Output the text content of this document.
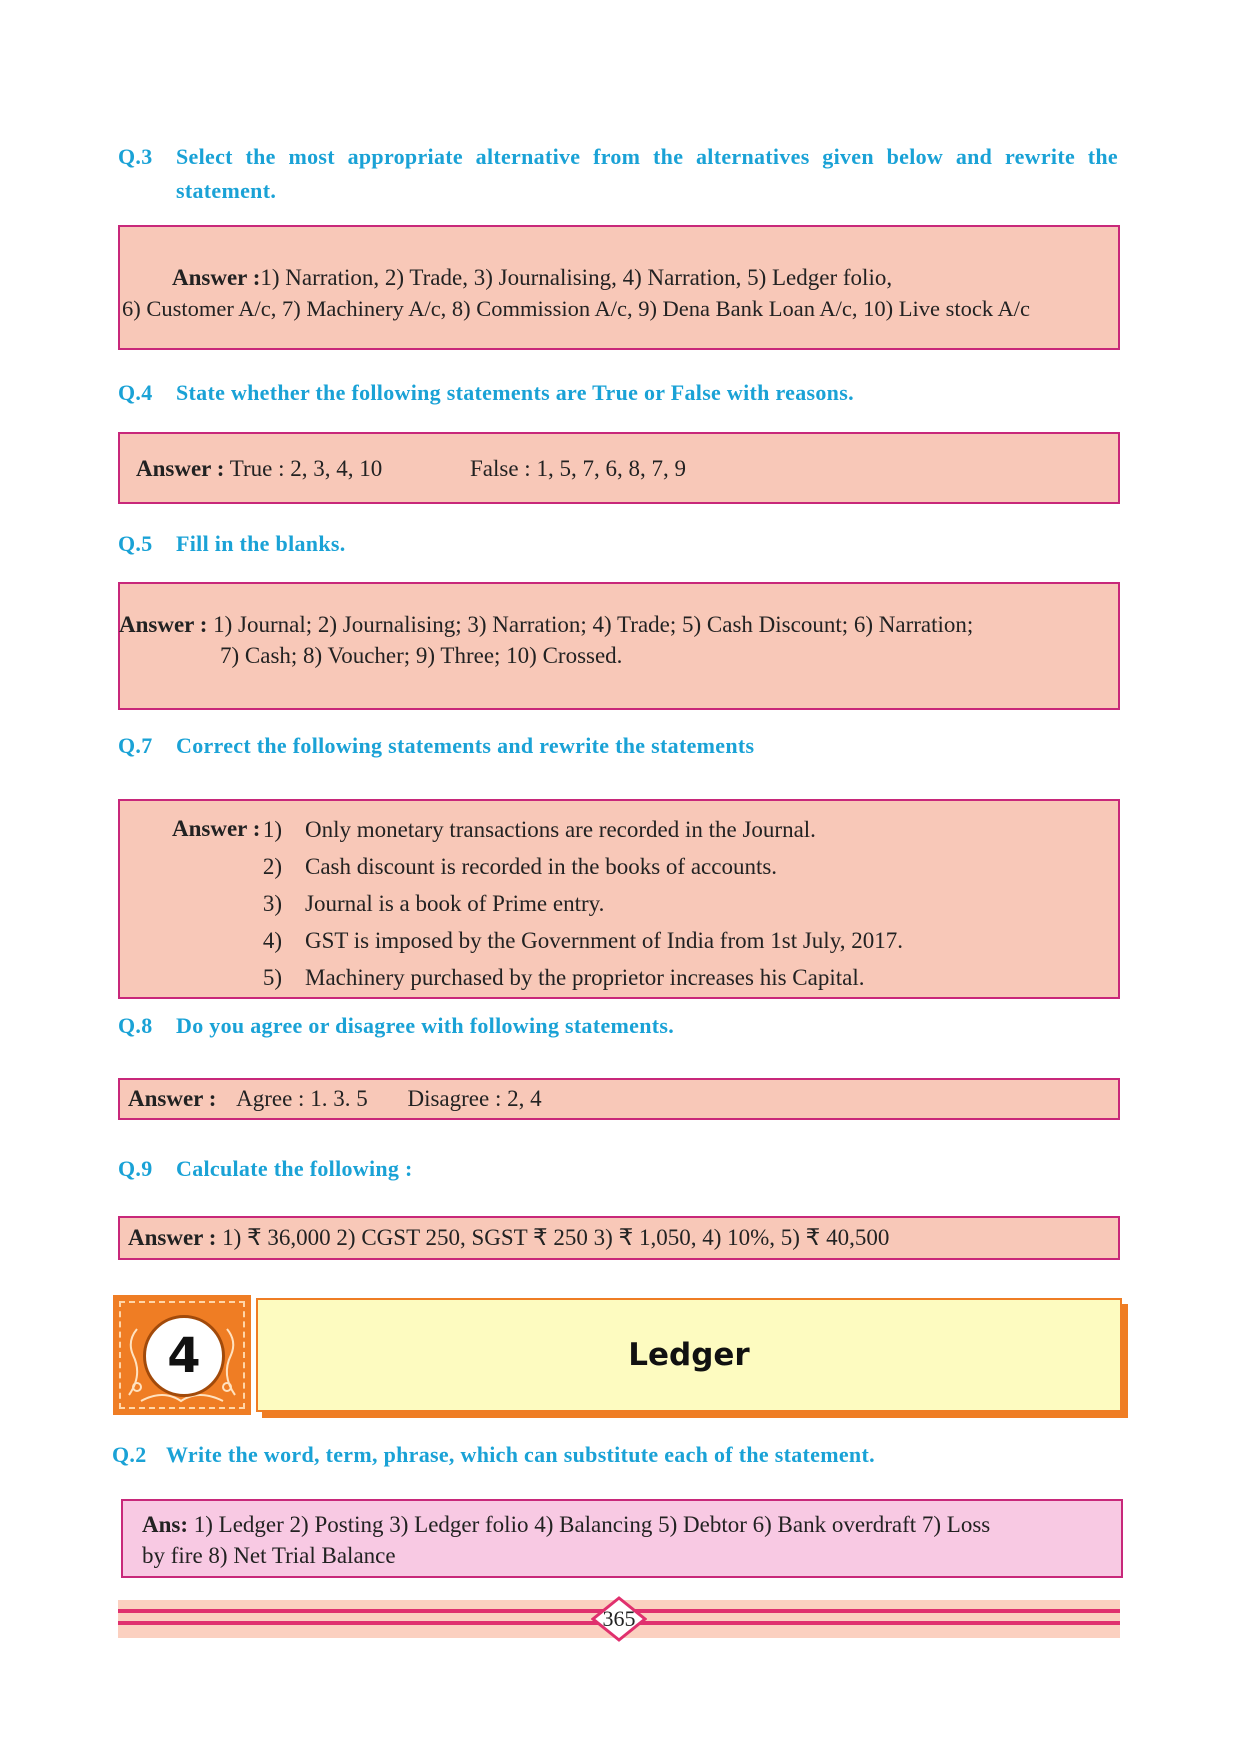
Q.3	Select the most appropriate alternative from the alternatives given below and rewrite the statement.
Answer :1) Narration, 2) Trade, 3) Journalising, 4) Narration, 5) Ledger folio,
6) Customer A/c, 7) Machinery A/c, 8) Commission A/c, 9) Dena Bank Loan A/c, 10) Live stock A/c
Q.4	State whether the following statements are True or False with reasons.
Answer : True : 2, 3, 4, 10	False : 1, 5, 7, 6, 8, 7, 9
Q.5	Fill in the blanks.
Answer : 1) Journal; 2) Journalising; 3) Narration; 4) Trade; 5) Cash Discount; 6) Narration;
7) Cash; 8) Voucher; 9) Three; 10) Crossed.
Q.7	Correct the following statements and rewrite the statements
Answer : 1) Only monetary transactions are recorded in the Journal.
2) Cash discount is recorded in the books of accounts.
3) Journal is a book of Prime entry.
4) GST is imposed by the Government of India from 1st July, 2017.
5) Machinery purchased by the proprietor increases his Capital.
Q.8	Do you agree or disagree with following statements.
Answer : Agree : 1. 3. 5 Disagree : 2, 4
Q.9	Calculate the following :
Answer : 1) ₹ 36,000 2) CGST 250, SGST ₹ 250 3) ₹ 1,050, 4) 10%, 5) ₹ 40,500
4	Ledger
Q.2 Write the word, term, phrase, which can substitute each of the statement.
Ans: 1) Ledger 2) Posting 3) Ledger folio 4) Balancing 5) Debtor 6) Bank overdraft 7) Loss
by fire 8) Net Trial Balance
365
